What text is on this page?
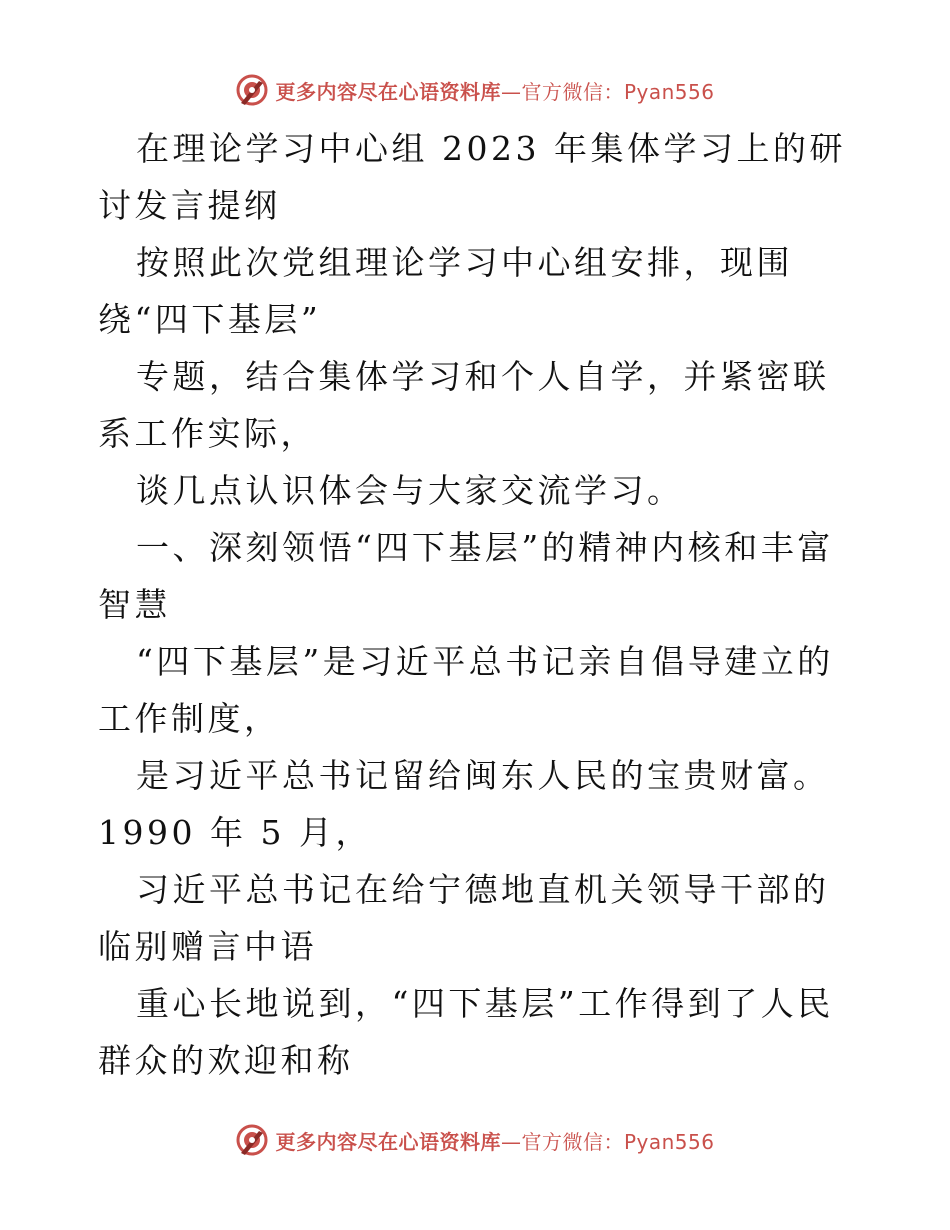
更多内容尽在心语资料库—官方微信：Pyan556

在理论学习中心组 2023 年集体学习上的研讨发言提纲

按照此次党组理论学习中心组安排，现围绕“四下基层”

专题，结合集体学习和个人自学，并紧密联系工作实际，

谈几点认识体会与大家交流学习。

一、深刻领悟“四下基层”的精神内核和丰富智慧

“四下基层”是习近平总书记亲自倡导建立的工作制度，

是习近平总书记留给闽东人民的宝贵财富。1990 年 5 月，

习近平总书记在给宁德地直机关领导干部的临别赠言中语

重心长地说到，“四下基层”工作得到了人民群众的欢迎和称

更多内容尽在心语资料库—官方微信：Pyan556
